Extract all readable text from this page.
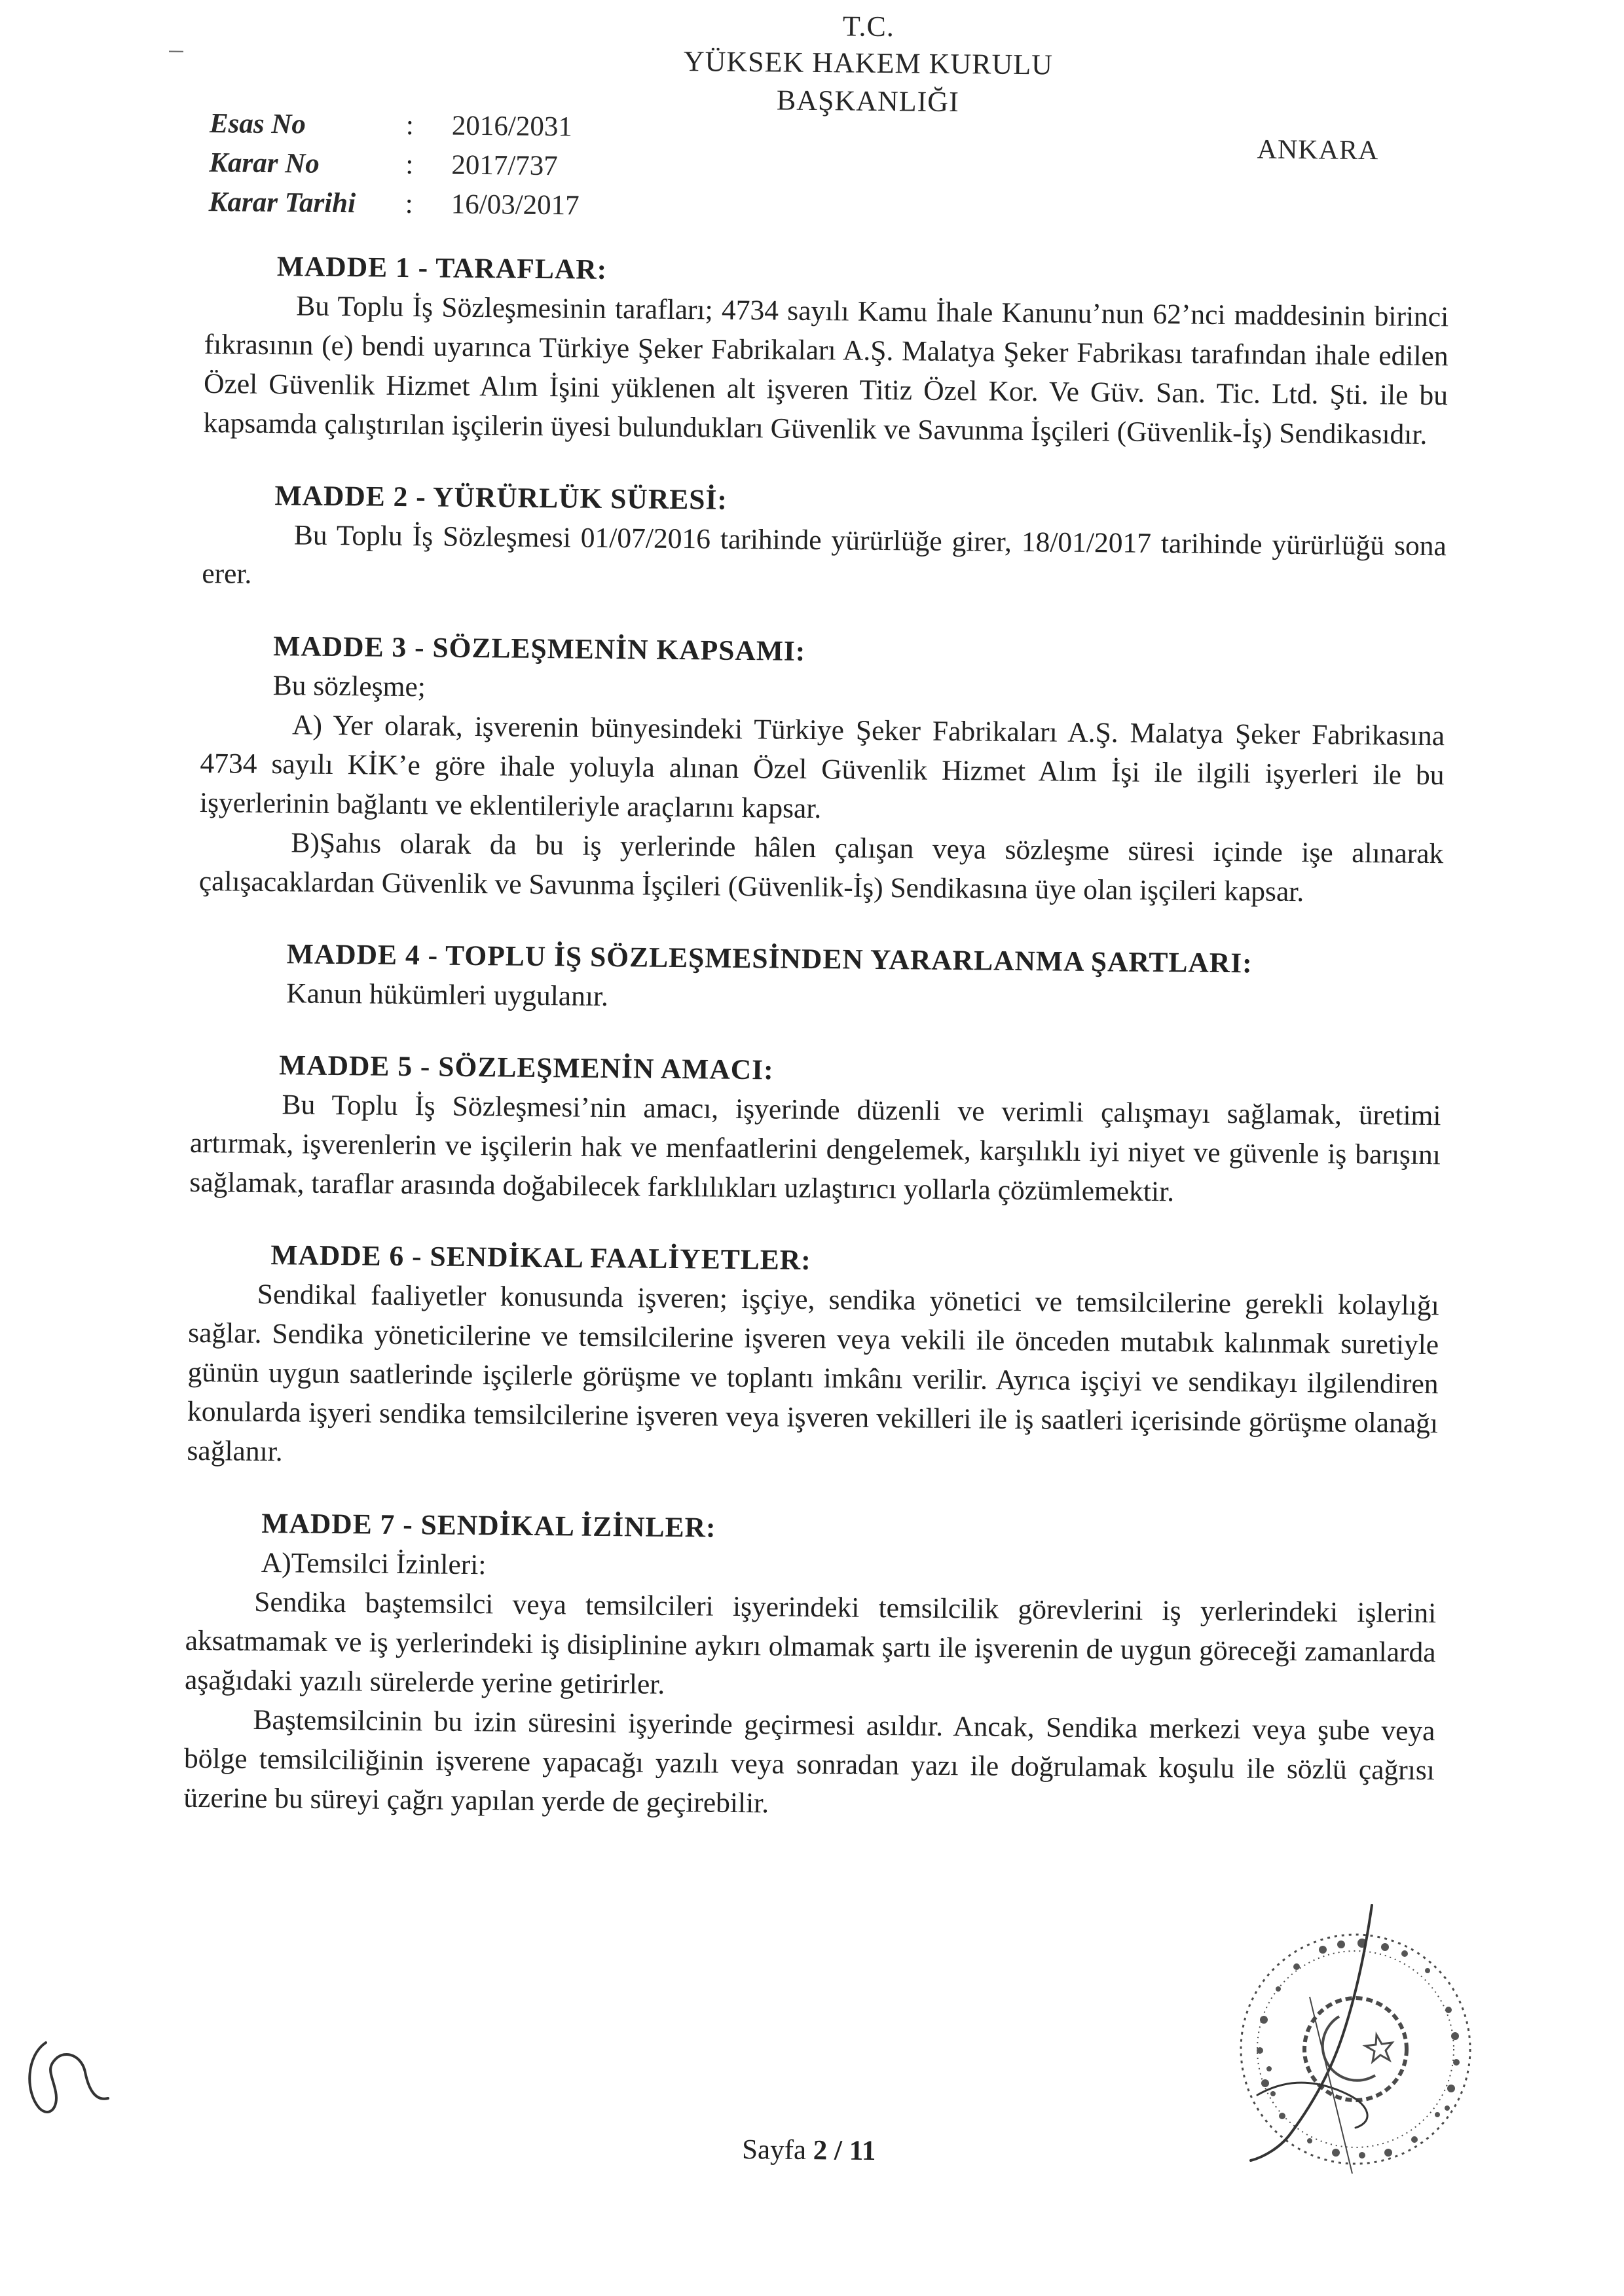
T.C.
YÜKSEK HAKEM KURULU
BAŞKANLIĞI
Esas No	:	2016/2031
Karar No	:	2017/737
Karar Tarihi	:	16/03/2017
ANKARA
MADDE 1 - TARAFLAR:

Bu Toplu İş Sözleşmesinin tarafları; 4734 sayılı Kamu İhale Kanunu’nun 62’nci maddesinin birinci fıkrasının (e) bendi uyarınca Türkiye Şeker Fabrikaları A.Ş. Malatya Şeker Fabrikası tarafından ihale edilen Özel Güvenlik Hizmet Alım İşini yüklenen alt işveren Titiz Özel Kor. Ve Güv. San. Tic. Ltd. Şti. ile bu kapsamda çalıştırılan işçilerin üyesi bulundukları Güvenlik ve Savunma İşçileri (Güvenlik-İş) Sendikasıdır.

MADDE 2 - YÜRÜRLÜK SÜRESİ:

Bu Toplu İş Sözleşmesi 01/07/2016 tarihinde yürürlüğe girer, 18/01/2017 tarihinde yürürlüğü sona erer.

MADDE 3 - SÖZLEŞMENİN KAPSAMI:

Bu sözleşme;

A) Yer olarak, işverenin bünyesindeki Türkiye Şeker Fabrikaları A.Ş. Malatya Şeker Fabrikasına 4734 sayılı KİK’e göre ihale yoluyla alınan Özel Güvenlik Hizmet Alım İşi ile ilgili işyerleri ile bu işyerlerinin bağlantı ve eklentileriyle araçlarını kapsar.

B)Şahıs olarak da bu iş yerlerinde hâlen çalışan veya sözleşme süresi içinde işe alınarak çalışacaklardan Güvenlik ve Savunma İşçileri (Güvenlik-İş) Sendikasına üye olan işçileri kapsar.

MADDE 4 - TOPLU İŞ SÖZLEŞMESİNDEN YARARLANMA ŞARTLARI:

Kanun hükümleri uygulanır.

MADDE 5 - SÖZLEŞMENİN AMACI:

Bu Toplu İş Sözleşmesi’nin amacı, işyerinde düzenli ve verimli çalışmayı sağlamak, üretimi artırmak, işverenlerin ve işçilerin hak ve menfaatlerini dengelemek, karşılıklı iyi niyet ve güvenle iş barışını sağlamak, taraflar arasında doğabilecek farklılıkları uzlaştırıcı yollarla çözümlemektir.

MADDE 6 - SENDİKAL FAALİYETLER:

Sendikal faaliyetler konusunda işveren; işçiye, sendika yönetici ve temsilcilerine gerekli kolaylığı sağlar. Sendika yöneticilerine ve temsilcilerine işveren veya vekili ile önceden mutabık kalınmak suretiyle günün uygun saatlerinde işçilerle görüşme ve toplantı imkânı verilir. Ayrıca işçiyi ve sendikayı ilgilendiren konularda işyeri sendika temsilcilerine işveren veya işveren vekilleri ile iş saatleri içerisinde görüşme olanağı sağlanır.

MADDE 7 - SENDİKAL İZİNLER:

A)Temsilci İzinleri:

Sendika baştemsilci veya temsilcileri işyerindeki temsilcilik görevlerini iş yerlerindeki işlerini aksatmamak ve iş yerlerindeki iş disiplinine aykırı olmamak şartı ile işverenin de uygun göreceği zamanlarda aşağıdaki yazılı sürelerde yerine getirirler.

Baştemsilcinin bu izin süresini işyerinde geçirmesi asıldır. Ancak, Sendika merkezi veya şube veya bölge temsilciliğinin işverene yapacağı yazılı veya sonradan yazı ile doğrulamak koşulu ile sözlü çağrısı üzerine bu süreyi çağrı yapılan yerde de geçirebilir.

Sayfa 2 / 11
